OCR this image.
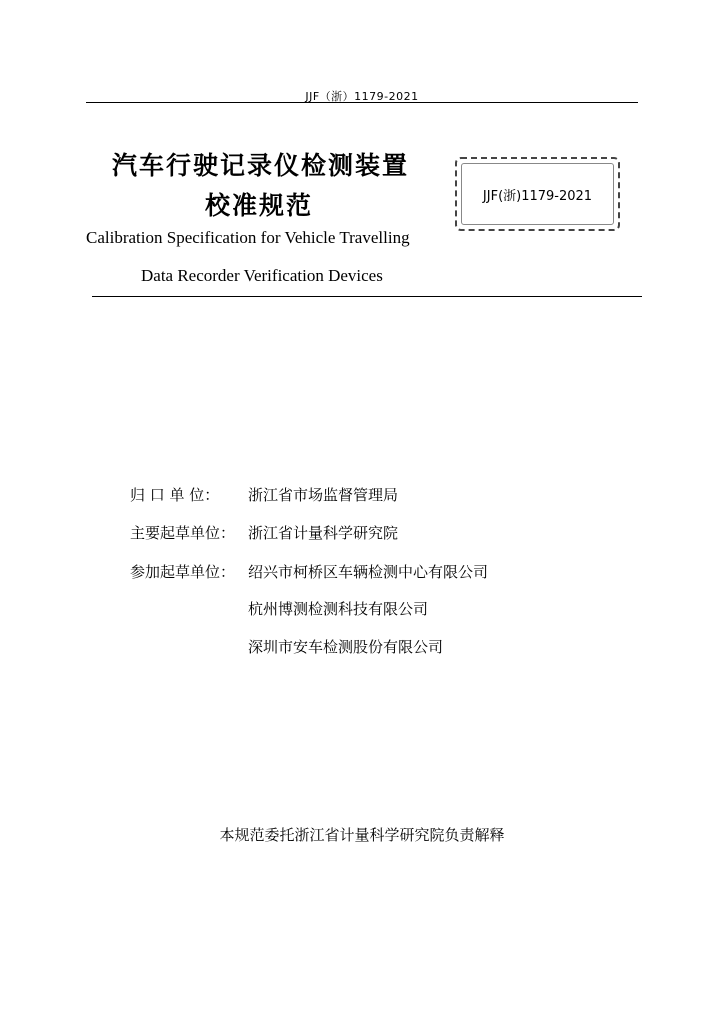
JJF（浙）1179-2021
汽车行驶记录仪检测装置
校准规范	JJF(浙)1179-2021
Calibration Specification for Vehicle Travelling
Data Recorder Verification Devices
归 口 单 位： 浙江省市场监督管理局
主要起草单位： 浙江省计量科学研究院
参加起草单位： 绍兴市柯桥区车辆检测中心有限公司
杭州博测检测科技有限公司
深圳市安车检测股份有限公司
本规范委托浙江省计量科学研究院负责解释
